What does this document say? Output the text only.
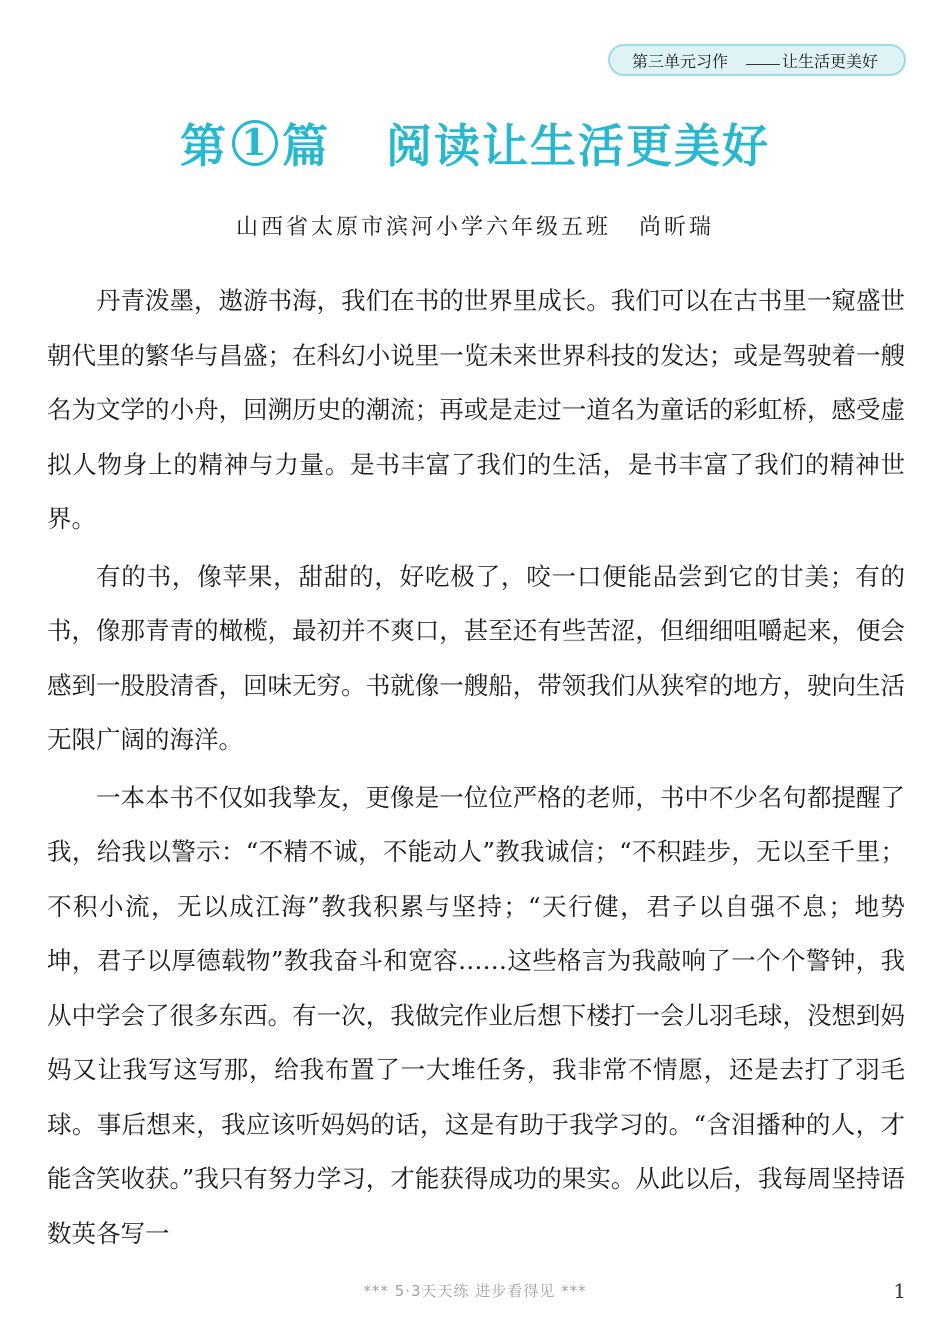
第三单元习作	让生活更美好
第 1 篇 阅读让生活更美好
山西省太原市滨河小学六年级五班 尚昕瑞

丹青泼墨，遨游书海，我们在书的世界里成长。我们可以在古书里一窥盛世朝代里的繁华与昌盛；在科幻小说里一览未来世界科技的发达；或是驾驶着一艘名为文学的小舟，回溯历史的潮流；再或是走过一道名为童话的彩虹桥，感受虚拟人物身上的精神与力量。是书丰富了我们的生活，是书丰富了我们的精神世界。

有的书，像苹果，甜甜的，好吃极了，咬一口便能品尝到它的甘美；有的书，像那青青的橄榄，最初并不爽口，甚至还有些苦涩，但细细咀嚼起来，便会感到一股股清香，回味无穷。书就像一艘船，带领我们从狭窄的地方，驶向生活无限广阔的海洋。

一本本书不仅如我挚友，更像是一位位严格的老师，书中不少名句都提醒了我，给我以警示：“不精不诚，不能动人”教我诚信；“不积跬步，无以至千里；不积小流，无以成江海”教我积累与坚持；“天行健，君子以自强不息；地势坤，君子以厚德载物”教我奋斗和宽容……这些格言为我敲响了一个个警钟，我从中学会了很多东西。有一次，我做完作业后想下楼打一会儿羽毛球，没想到妈妈又让我写这写那，给我布置了一大堆任务，我非常不情愿，还是去打了羽毛球。事后想来，我应该听妈妈的话，这是有助于我学习的。“含泪播种的人，才能含笑收获。”我只有努力学习，才能获得成功的果实。从此以后，我每周坚持语数英各写一

*** 5·3天天练 进步看得见 ***	1
